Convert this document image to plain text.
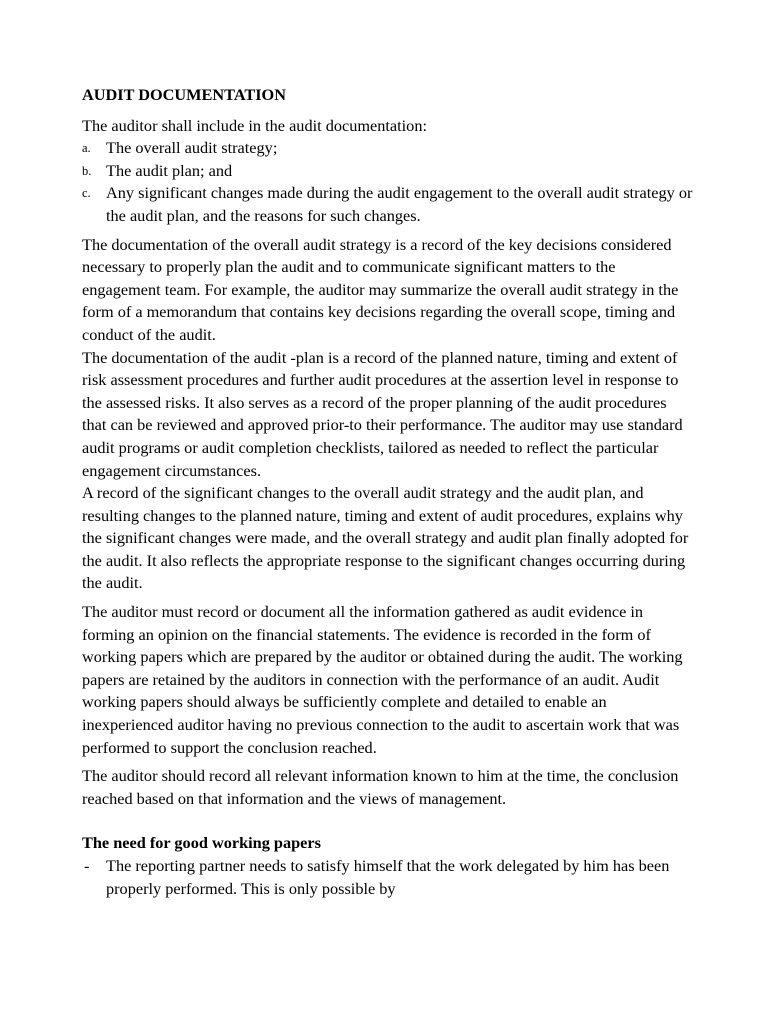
AUDIT DOCUMENTATION

The auditor shall include in the audit documentation:

a. The overall audit strategy;
b. The audit plan; and
c. Any significant changes made during the audit engagement to the overall audit strategy or the audit plan, and the reasons for such changes.

The documentation of the overall audit strategy is a record of the key decisions considered necessary to properly plan the audit and to communicate significant matters to the engagement team. For example, the auditor may summarize the overall audit strategy in the form of a memorandum that contains key decisions regarding the overall scope, timing and conduct of the audit.

The documentation of the audit -plan is a record of the planned nature, timing and extent of risk assessment procedures and further audit procedures at the assertion level in response to the assessed risks. It also serves as a record of the proper planning of the audit procedures that can be reviewed and approved prior-to their performance. The auditor may use standard audit programs or audit completion checklists, tailored as needed to reflect the particular engagement circumstances.

A record of the significant changes to the overall audit strategy and the audit plan, and resulting changes to the planned nature, timing and extent of audit procedures, explains why the significant changes were made, and the overall strategy and audit plan finally adopted for the audit. It also reflects the appropriate response to the significant changes occurring during the audit.

The auditor must record or document all the information gathered as audit evidence in forming an opinion on the financial statements. The evidence is recorded in the form of working papers which are prepared by the auditor or obtained during the audit. The working papers are retained by the auditors in connection with the performance of an audit. Audit working papers should always be sufficiently complete and detailed to enable an inexperienced auditor having no previous connection to the audit to ascertain work that was performed to support the conclusion reached.

The auditor should record all relevant information known to him at the time, the conclusion reached based on that information and the views of management.

The need for good working papers

- The reporting partner needs to satisfy himself that the work delegated by him has been properly performed. This is only possible by
